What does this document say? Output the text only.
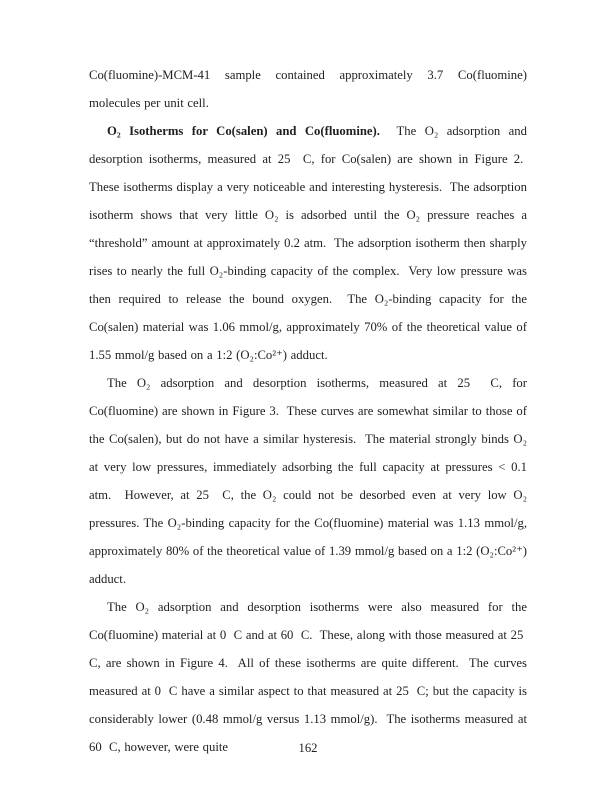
Co(fluomine)-MCM-41 sample contained approximately 3.7 Co(fluomine) molecules per unit cell.

O₂ Isotherms for Co(salen) and Co(fluomine).  The O₂ adsorption and desorption isotherms, measured at 25  C, for Co(salen) are shown in Figure 2.  These isotherms display a very noticeable and interesting hysteresis.  The adsorption isotherm shows that very little O₂ is adsorbed until the O₂ pressure reaches a “threshold” amount at approximately 0.2 atm.  The adsorption isotherm then sharply rises to nearly the full O₂-binding capacity of the complex.  Very low pressure was then required to release the bound oxygen.  The O₂-binding capacity for the Co(salen) material was 1.06 mmol/g, approximately 70% of the theoretical value of 1.55 mmol/g based on a 1:2 (O₂:Co²⁺) adduct.

The O₂ adsorption and desorption isotherms, measured at 25  C, for Co(fluomine) are shown in Figure 3.  These curves are somewhat similar to those of the Co(salen), but do not have a similar hysteresis.  The material strongly binds O₂ at very low pressures, immediately adsorbing the full capacity at pressures < 0.1 atm.  However, at 25  C, the O₂ could not be desorbed even at very low O₂ pressures. The O₂-binding capacity for the Co(fluomine) material was 1.13 mmol/g, approximately 80% of the theoretical value of 1.39 mmol/g based on a 1:2 (O₂:Co²⁺) adduct.

The O₂ adsorption and desorption isotherms were also measured for the Co(fluomine) material at 0  C and at 60  C.  These, along with those measured at 25  C, are shown in Figure 4.  All of these isotherms are quite different.  The curves measured at 0  C have a similar aspect to that measured at 25  C; but the capacity is considerably lower (0.48 mmol/g versus 1.13 mmol/g).  The isotherms measured at 60  C, however, were quite	162
